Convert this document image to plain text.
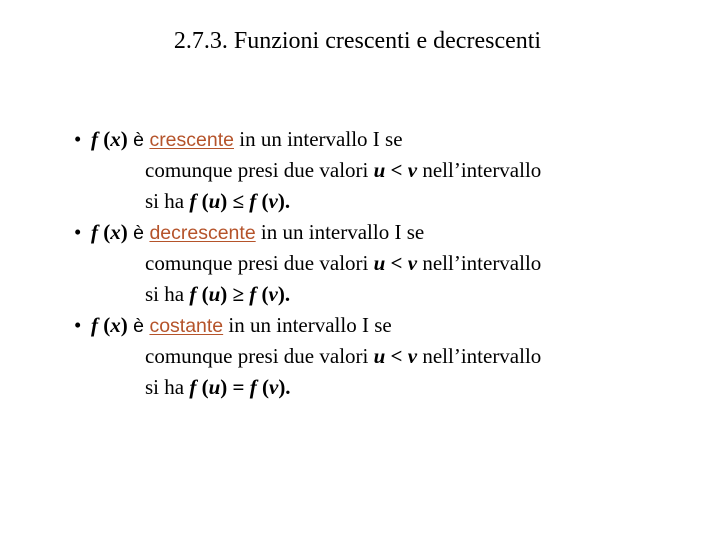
2.7.3. Funzioni crescenti e decrescenti
• f (x) è crescente in un intervallo I se
comunque presi due valori u < v nell’intervallo
si ha f (u) ≤ f (v).
• f (x) è decrescente in un intervallo I se
comunque presi due valori u < v nell’intervallo
si ha f (u) ≥ f (v).
• f (x) è costante in un intervallo I se
comunque presi due valori u < v nell’intervallo
si ha f (u) = f (v).
